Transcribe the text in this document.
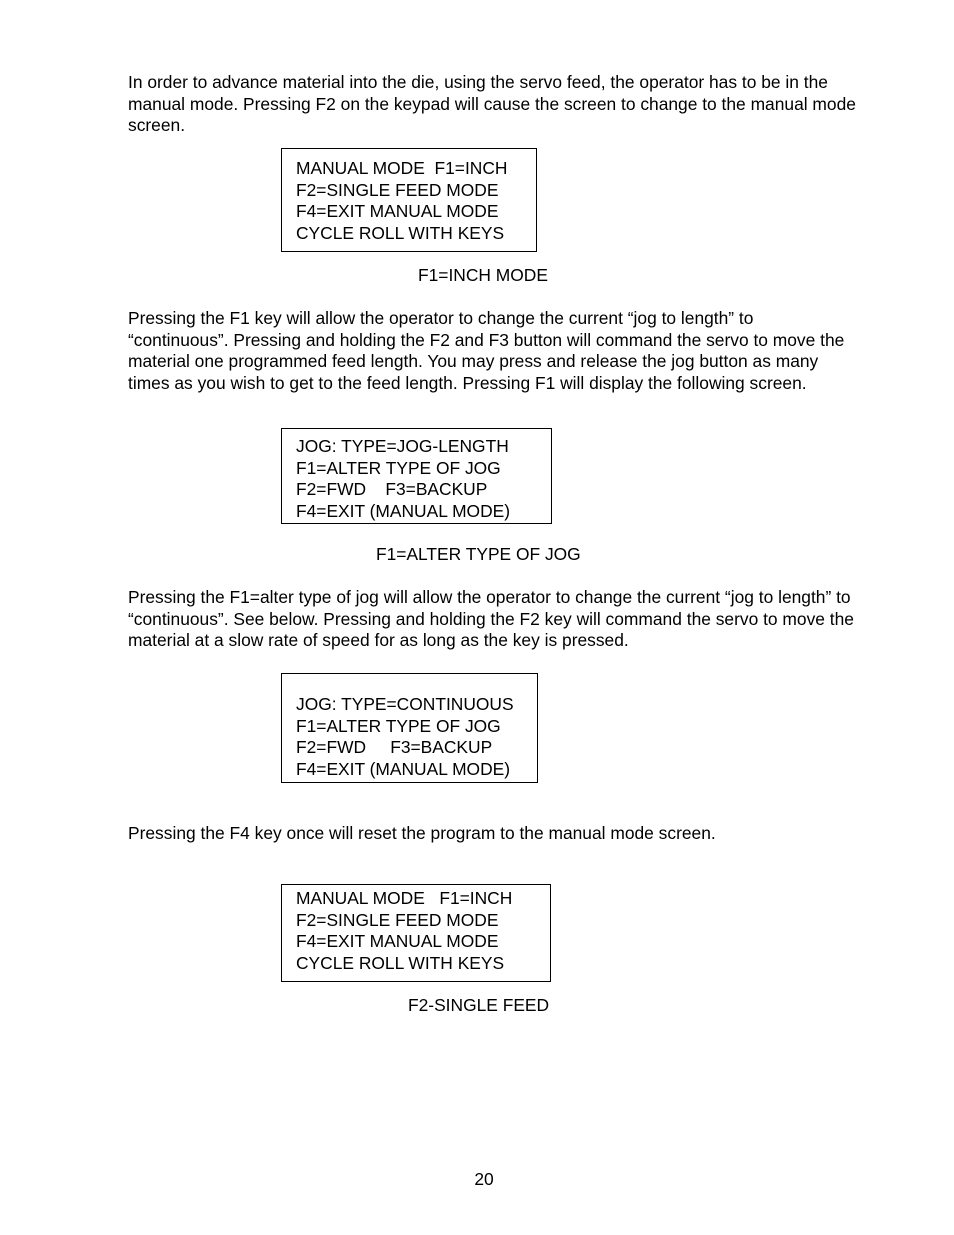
In order to advance material into the die, using the servo feed, the operator has to be in the manual mode. Pressing F2 on the keypad will cause the screen to change to the manual mode screen.

MANUAL MODE  F1=INCH
F2=SINGLE FEED MODE
F4=EXIT MANUAL MODE
CYCLE ROLL WITH KEYS
F1=INCH MODE

Pressing the F1 key will allow the operator to change the current “jog to length” to “continuous”. Pressing and holding the F2 and F3 button will command the servo to move the material one programmed feed length. You may press and release the jog button as many times as you wish to get to the feed length. Pressing F1 will display the following screen.

JOG: TYPE=JOG-LENGTH
F1=ALTER TYPE OF JOG
F2=FWD    F3=BACKUP
F4=EXIT (MANUAL MODE)
F1=ALTER TYPE OF JOG

Pressing the F1=alter type of jog will allow the operator to change the current “jog to length” to “continuous”. See below. Pressing and holding the F2 key will command the servo to move the material at a slow rate of speed for as long as the key is pressed.

JOG: TYPE=CONTINUOUS
F1=ALTER TYPE OF JOG
F2=FWD     F3=BACKUP
F4=EXIT (MANUAL MODE)

Pressing the F4 key once will reset the program to the manual mode screen.

MANUAL MODE   F1=INCH
F2=SINGLE FEED MODE
F4=EXIT MANUAL MODE
CYCLE ROLL WITH KEYS
F2-SINGLE FEED
20
